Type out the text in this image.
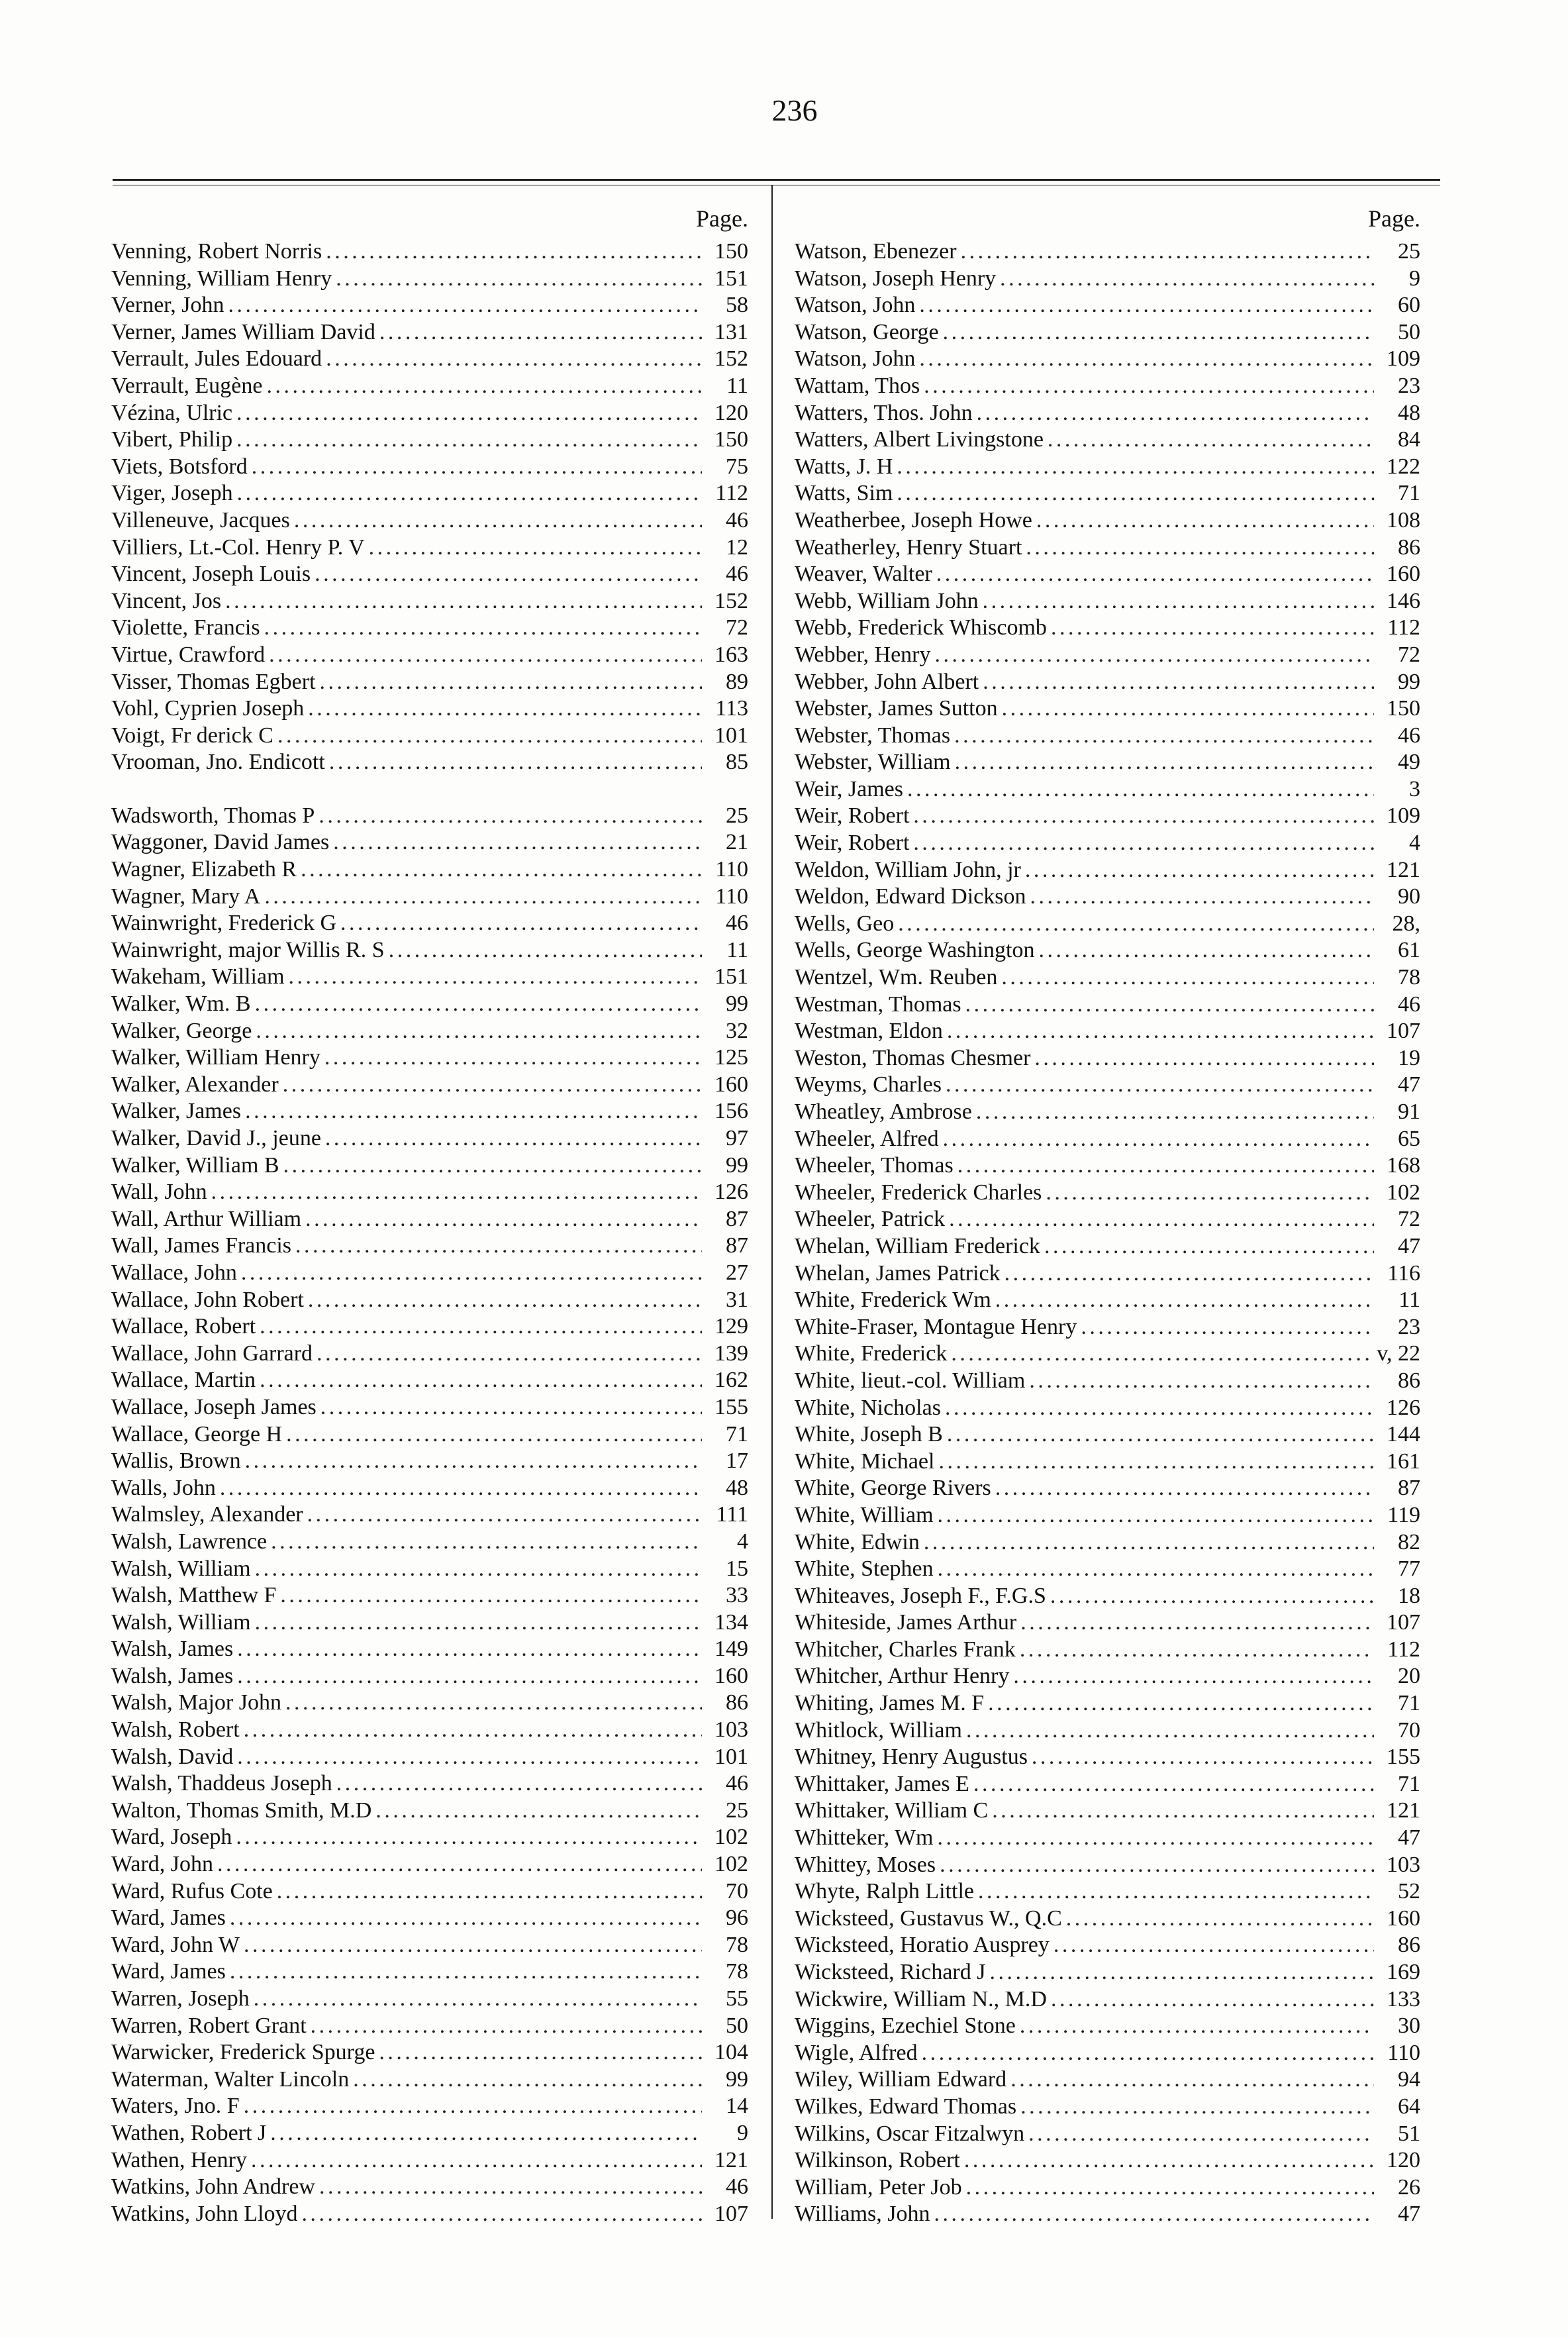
236
Page.
Venning, Robert Norris . . .	150
Venning, William Henry . . .	151
Verner, John . . .	58
Verner, James William David . . .	131
Verrault, Jules Edouard . . .	152
Verrault, Eugène . . .	11
Vézina, Ulric . . .	120
Vibert, Philip . . .	150
Viets, Botsford . . .	75
Viger, Joseph . . .	112
Villeneuve, Jacques . . .	46
Villiers, Lt.-Col. Henry P. V . . .	12
Vincent, Joseph Louis . . .	46
Vincent, Jos . . .	152
Violette, Francis . . .	72
Virtue, Crawford . . .	163
Visser, Thomas Egbert . . .	89
Vohl, Cyprien Joseph . . .	113
Voigt, Fr derick C . . .	101
Vrooman, Jno. Endicott . . .	85
Wadsworth, Thomas P . . .	25
Waggoner, David James . . .	21
Wagner, Elizabeth R . . .	110
Wagner, Mary A . . .	110
Wainwright, Frederick G . . .	46
Wainwright, major Willis R. S . . .	11
Wakeham, William . . .	151
Walker, Wm. B . . .	99
Walker, George . . .	32
Walker, William Henry . . .	125
Walker, Alexander . . .	160
Walker, James . . .	156
Walker, David J., jeune . . .	97
Walker, William B . . .	99
Wall, John . . .	126
Wall, Arthur William . . .	87
Wall, James Francis . . .	87
Wallace, John . . .	27
Wallace, John Robert . . .	31
Wallace, Robert . . .	129
Wallace, John Garrard . . .	139
Wallace, Martin . . .	162
Wallace, Joseph James . . .	155
Wallace, George H . . .	71
Wallis, Brown . . .	17
Walls, John . . .	48
Walmsley, Alexander . . .	111
Walsh, Lawrence . . .	4
Walsh, William . . .	15
Walsh, Matthew F . . .	33
Walsh, William . . .	134
Walsh, James . . .	149
Walsh, James . . .	160
Walsh, Major John . . .	86
Walsh, Robert . . .	103
Walsh, David . . .	101
Walsh, Thaddeus Joseph . . .	46
Walton, Thomas Smith, M.D . . .	25
Ward, Joseph . . .	102
Ward, John . . .	102
Ward, Rufus Cote . . .	70
Ward, James . . .	96
Ward, John W . . .	78
Ward, James . . .	78
Warren, Joseph . . .	55
Warren, Robert Grant . . .	50
Warwicker, Frederick Spurge . . .	104
Waterman, Walter Lincoln . . .	99
Waters, Jno. F . . .	14
Wathen, Robert J . . .	9
Wathen, Henry . . .	121
Watkins, John Andrew . . .	46
Watkins, John Lloyd . . .	107
Page.
Watson, Ebenezer . . .	25
Watson, Joseph Henry . . .	9
Watson, John . . .	60
Watson, George . . .	50
Watson, John . . .	109
Wattam, Thos . . .	23
Watters, Thos. John . . .	48
Watters, Albert Livingstone . . .	84
Watts, J. H . . .	122
Watts, Sim . . .	71
Weatherbee, Joseph Howe . . .	108
Weatherley, Henry Stuart . . .	86
Weaver, Walter . . .	160
Webb, William John . . .	146
Webb, Frederick Whiscomb . . .	112
Webber, Henry . . .	72
Webber, John Albert . . .	99
Webster, James Sutton . . .	150
Webster, Thomas . . .	46
Webster, William . . .	49
Weir, James . . .	3
Weir, Robert . . .	109
Weir, Robert . . .	4
Weldon, William John, jr . . .	121
Weldon, Edward Dickson . . .	90
Wells, Geo . . .	28,
Wells, George Washington . . .	61
Wentzel, Wm. Reuben . . .	78
Westman, Thomas . . .	46
Westman, Eldon . . .	107
Weston, Thomas Chesmer . . .	19
Weyms, Charles . . .	47
Wheatley, Ambrose . . .	91
Wheeler, Alfred . . .	65
Wheeler, Thomas . . .	168
Wheeler, Frederick Charles . . .	102
Wheeler, Patrick . . .	72
Whelan, William Frederick . . .	47
Whelan, James Patrick . . .	116
White, Frederick Wm . . .	11
White-Fraser, Montague Henry . . .	23
White, Frederick . . .	v, 22
White, lieut.-col. William . . .	86
White, Nicholas . . .	126
White, Joseph B . . .	144
White, Michael . . .	161
White, George Rivers . . .	87
White, William . . .	119
White, Edwin . . .	82
White, Stephen . . .	77
Whiteaves, Joseph F., F.G.S . . .	18
Whiteside, James Arthur . . .	107
Whitcher, Charles Frank . . .	112
Whitcher, Arthur Henry . . .	20
Whiting, James M. F . . .	71
Whitlock, William . . .	70
Whitney, Henry Augustus . . .	155
Whittaker, James E . . .	71
Whittaker, William C . . .	121
Whitteker, Wm . . .	47
Whittey, Moses . . .	103
Whyte, Ralph Little . . .	52
Wicksteed, Gustavus W., Q.C . . .	160
Wicksteed, Horatio Ausprey . . .	86
Wicksteed, Richard J . . .	169
Wickwire, William N., M.D . . .	133
Wiggins, Ezechiel Stone . . .	30
Wigle, Alfred . . .	110
Wiley, William Edward . . .	94
Wilkes, Edward Thomas . . .	64
Wilkins, Oscar Fitzalwyn . . .	51
Wilkinson, Robert . . .	120
William, Peter Job . . .	26
Williams, John . . .	47
